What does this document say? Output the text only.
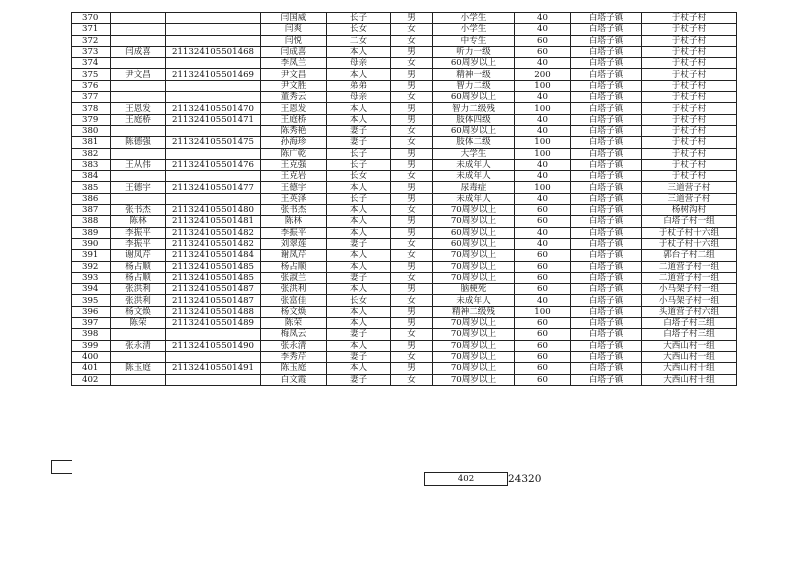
370			闫国威	长子	男	小学生	40	白塔子镇	于杖子村
371			闫爽	长女	女	小学生	40	白塔子镇	于杖子村
372			闫悦	二女	女	中专生	60	白塔子镇	于杖子村
373	闫成喜	211324105501468	闫成喜	本人	男	听力一级	60	白塔子镇	于杖子村
374			李凤兰	母亲	女	60周岁以上	40	白塔子镇	于杖子村
375	尹文昌	211324105501469	尹文昌	本人	男	精神一级	200	白塔子镇	于杖子村
376			尹文胜	弟弟	男	智力二级	100	白塔子镇	于杖子村
377			董秀云	母亲	女	60周岁以上	40	白塔子镇	于杖子村
378	王恩发	211324105501470	王恩发	本人	男	智力二级残	100	白塔子镇	于杖子村
379	王庭桥	211324105501471	王庭桥	本人	男	肢体四级	40	白塔子镇	于杖子村
380			陈秀艳	妻子	女	60周岁以上	40	白塔子镇	于杖子村
381	陈德强	211324105501475	孙海珍	妻子	女	肢体二级	100	白塔子镇	于杖子村
382			陈广乾	长子	男	大学生	100	白塔子镇	于杖子村
383	王从伟	211324105501476	王克强	长子	男	未成年人	40	白塔子镇	于杖子村
384			王克岩	长女	女	未成年人	40	白塔子镇	于杖子村
385	王德宇	211324105501477	王德宇	本人	男	尿毒症	100	白塔子镇	三道营子村
386			王英泽	长子	男	未成年人	40	白塔子镇	三道营子村
387	张书杰	211324105501480	张书杰	本人	女	70周岁以上	60	白塔子镇	杨树沟村
388	陈林	211324105501481	陈林	本人	男	70周岁以上	60	白塔子镇	白塔子村一组
389	李振平	211324105501482	李振平	本人	男	60周岁以上	40	白塔子镇	于杖子村十六组
390	李振平	211324105501482	刘翠莲	妻子	女	60周岁以上	40	白塔子镇	于杖子村十六组
391	谢凤芹	211324105501484	谢凤芹	本人	女	70周岁以上	60	白塔子镇	郭台子村二组
392	杨占顺	211324105501485	杨占顺	本人	男	70周岁以上	60	白塔子镇	二道营子村一组
393	杨占顺	211324105501485	张淑兰	妻子	女	70周岁以上	60	白塔子镇	二道营子村一组
394	张洪利	211324105501487	张洪利	本人	男	脑梗死	60	白塔子镇	小马架子村一组
395	张洪利	211324105501487	张富佳	长女	女	未成年人	40	白塔子镇	小马架子村一组
396	杨文焕	211324105501488	杨文焕	本人	男	精神二级残	100	白塔子镇	头道营子村六组
397	陈荣	211324105501489	陈荣	本人	男	70周岁以上	60	白塔子镇	白塔子村三组
398			梅凤云	妻子	女	70周岁以上	60	白塔子镇	白塔子村三组
399	张永清	211324105501490	张永清	本人	男	70周岁以上	60	白塔子镇	大西山村一组
400			李秀芹	妻子	女	70周岁以上	60	白塔子镇	大西山村一组
401	陈玉庭	211324105501491	陈玉庭	本人	男	70周岁以上	60	白塔子镇	大西山村十组
402			白文霞	妻子	女	70周岁以上	60	白塔子镇	大西山村十组
402	24320
